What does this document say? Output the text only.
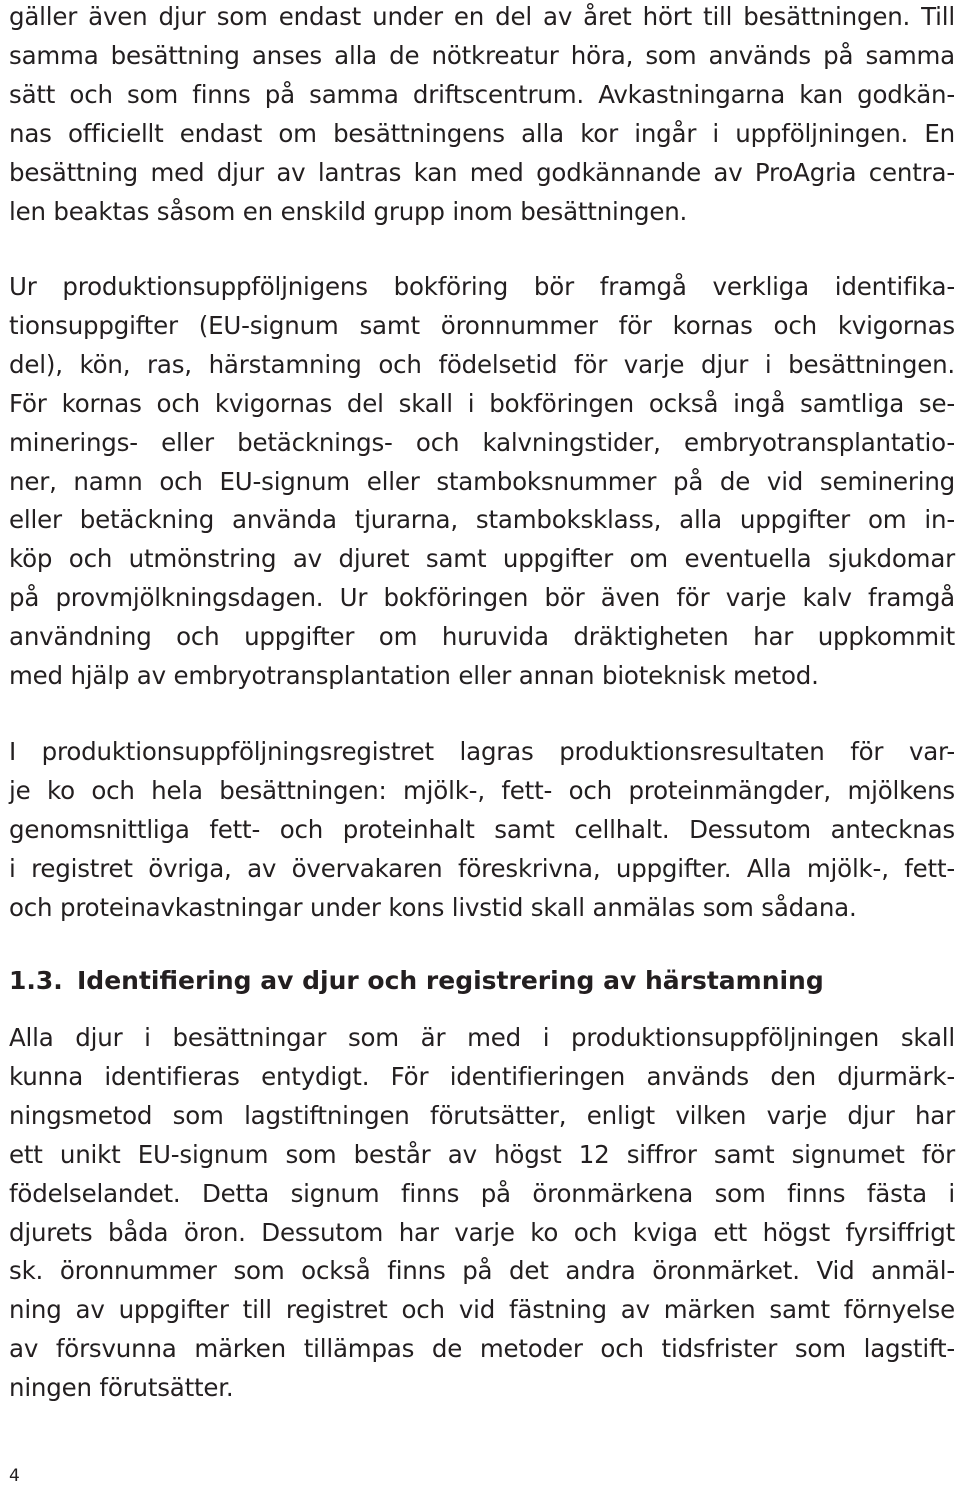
gäller även djur som endast under en del av året hört till besättningen. Till
samma besättning anses alla de nötkreatur höra, som används på samma
sätt och som finns på samma driftscentrum. Avkastningarna kan godkän-
nas officiellt endast om besättningens alla kor ingår i uppföljningen. En
besättning med djur av lantras kan med godkännande av ProAgria centra-
len beaktas såsom en enskild grupp inom besättningen.
Ur produktionsuppföljnigens bokföring bör framgå verkliga identifika-
tionsuppgifter (EU-signum samt öronnummer för kornas och kvigornas
del), kön, ras, härstamning och födelsetid för varje djur i besättningen.
För kornas och kvigornas del skall i bokföringen också ingå samtliga se-
minerings- eller betäcknings- och kalvningstider, embryotransplantatio-
ner, namn och EU-signum eller stamboksnummer på de vid seminering
eller betäckning använda tjurarna, stamboksklass, alla uppgifter om in-
köp och utmönstring av djuret samt uppgifter om eventuella sjukdomar
på provmjölkningsdagen. Ur bokföringen bör även för varje kalv framgå
användning och uppgifter om huruvida dräktigheten har uppkommit
med hjälp av embryotransplantation eller annan bioteknisk metod.
I produktionsuppföljningsregistret lagras produktionsresultaten för var-
je ko och hela besättningen: mjölk-, fett- och proteinmängder, mjölkens
genomsnittliga fett- och proteinhalt samt cellhalt. Dessutom antecknas
i registret övriga, av övervakaren föreskrivna, uppgifter. Alla mjölk-, fett-
och proteinavkastningar under kons livstid skall anmälas som sådana.
1.3. Identifiering av djur och registrering av härstamning
Alla djur i besättningar som är med i produktionsuppföljningen skall
kunna identifieras entydigt. För identifieringen används den djurmärk-
ningsmetod som lagstiftningen förutsätter, enligt vilken varje djur har
ett unikt EU-signum som består av högst 12 siffror samt signumet för
födelselandet. Detta signum finns på öronmärkena som finns fästa i
djurets båda öron. Dessutom har varje ko och kviga ett högst fyrsiffrigt
sk. öronnummer som också finns på det andra öronmärket. Vid anmäl-
ning av uppgifter till registret och vid fästning av märken samt förnyelse
av försvunna märken tillämpas de metoder och tidsfrister som lagstift-
ningen förutsätter.
4
